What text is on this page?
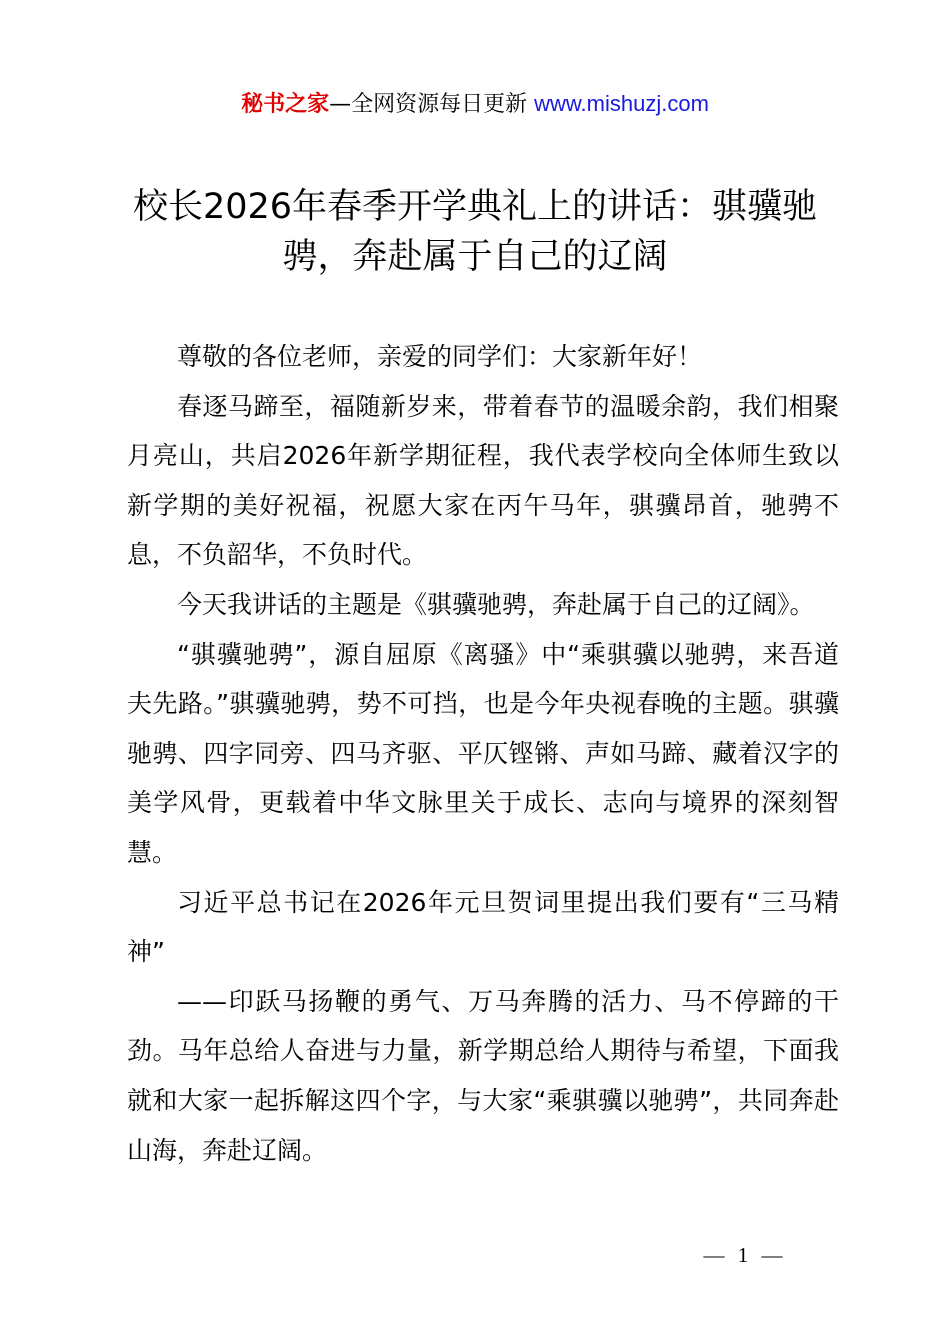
秘书之家—全网资源每日更新 www.mishuzj.com
校长2026年春季开学典礼上的讲话：骐骥驰骋，奔赴属于自己的辽阔

尊敬的各位老师，亲爱的同学们：大家新年好！

春逐马蹄至，福随新岁来，带着春节的温暖余韵，我们相聚月亮山，共启2026年新学期征程，我代表学校向全体师生致以新学期的美好祝福，祝愿大家在丙午马年，骐骥昂首，驰骋不息，不负韶华，不负时代。

今天我讲话的主题是《骐骥驰骋，奔赴属于自己的辽阔》。

“骐骥驰骋”，源自屈原《离骚》中“乘骐骥以驰骋，来吾道夫先路。”骐骥驰骋，势不可挡，也是今年央视春晚的主题。骐骥驰骋、四字同旁、四马齐驱、平仄铿锵、声如马蹄、藏着汉字的美学风骨，更载着中华文脉里关于成长、志向与境界的深刻智慧。

习近平总书记在2026年元旦贺词里提出我们要有“三马精神”

——印跃马扬鞭的勇气、万马奔腾的活力、马不停蹄的干劲。马年总给人奋进与力量，新学期总给人期待与希望，下面我就和大家一起拆解这四个字，与大家“乘骐骥以驰骋”，共同奔赴山海，奔赴辽阔。

— 1 —
